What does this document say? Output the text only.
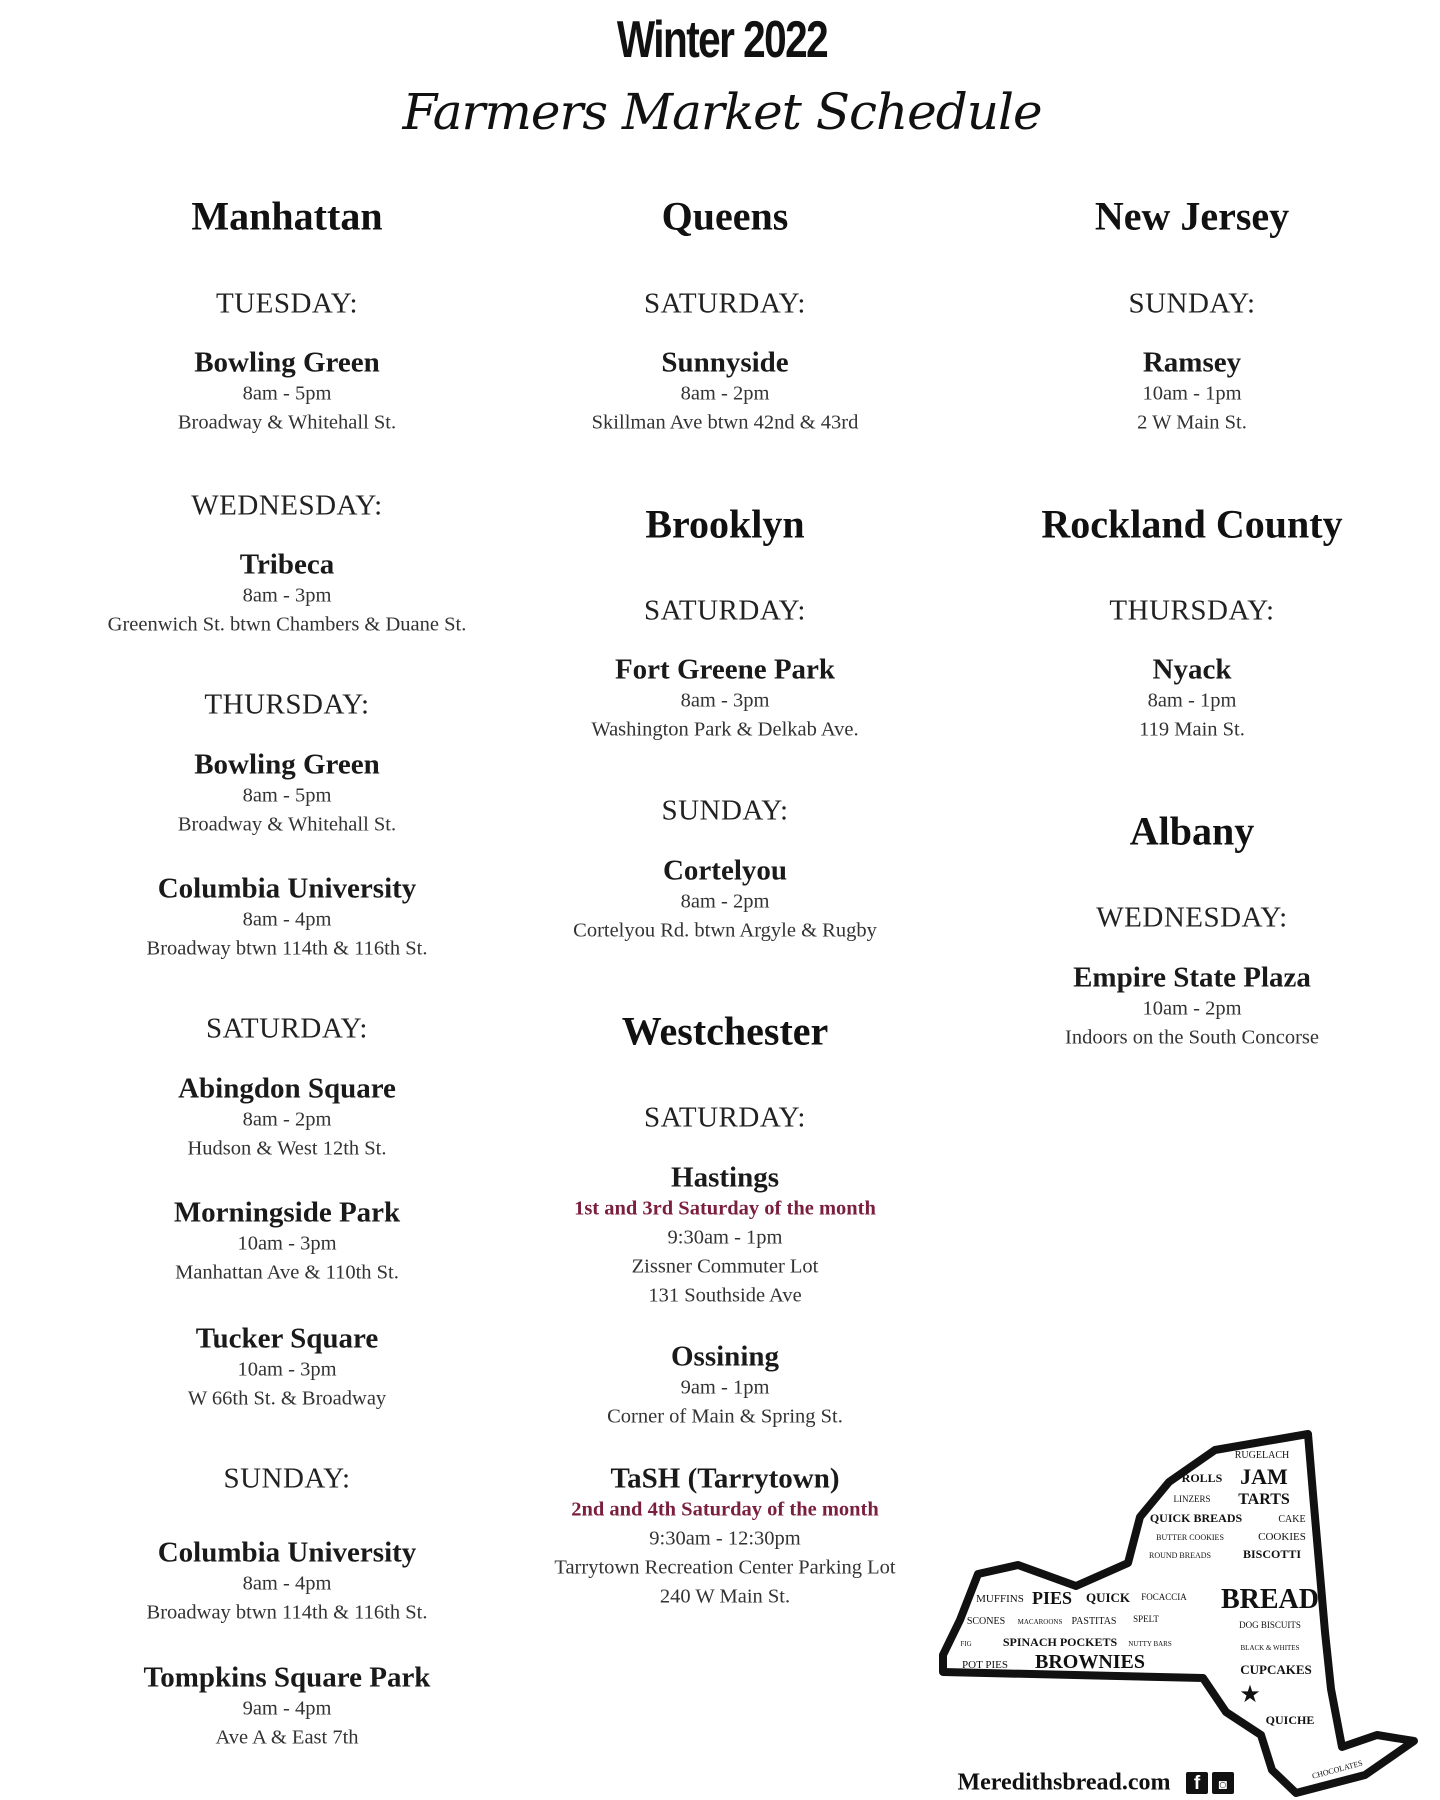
Winter 2022
Farmers Market Schedule
Manhattan
TUESDAY:
Bowling Green
8am - 5pm
Broadway & Whitehall St.
WEDNESDAY:
Tribeca
8am - 3pm
Greenwich St. btwn Chambers & Duane St.
THURSDAY:
Bowling Green
8am - 5pm
Broadway & Whitehall St.
Columbia University
8am - 4pm
Broadway btwn 114th & 116th St.
SATURDAY:
Abingdon Square
8am - 2pm
Hudson & West 12th St.
Morningside Park
10am - 3pm
Manhattan Ave & 110th St.
Tucker Square
10am - 3pm
W 66th St. & Broadway
SUNDAY:
Columbia University
8am - 4pm
Broadway btwn 114th & 116th St.
Tompkins Square Park
9am - 4pm
Ave A & East 7th
Queens
SATURDAY:
Sunnyside
8am - 2pm
Skillman Ave btwn 42nd & 43rd
Brooklyn
SATURDAY:
Fort Greene Park
8am - 3pm
Washington Park & Delkab Ave.
SUNDAY:
Cortelyou
8am - 2pm
Cortelyou Rd. btwn Argyle & Rugby
Westchester
SATURDAY:
Hastings
1st and 3rd Saturday of the month
9:30am - 1pm
Zissner Commuter Lot
131 Southside Ave
Ossining
9am - 1pm
Corner of Main & Spring St.
TaSH (Tarrytown)
2nd and 4th Saturday of the month
9:30am - 12:30pm
Tarrytown Recreation Center Parking Lot
240 W Main St.
New Jersey
SUNDAY:
Ramsey
10am - 1pm
2 W Main St.
Rockland County
THURSDAY:
Nyack
8am - 1pm
119 Main St.
Albany
WEDNESDAY:
Empire State Plaza
10am - 2pm
Indoors on the South Concorse
Meredithsbread.com
RUGELACH
ROLLS JAM
LINZERS TARTS
QUICK BREADS	CAKE
BUTTER COOKIES	COOKIES
ROUND BREADS	BISCOTTI
MUFFINS PIES QUICK FOCACCIA BREAD
SCONES MACAROONS PASTITAS SPELT
DOG BISCUITS
FIG	SPINACH POCKETS NUTTY BARS	BLACK & WHITES
POT PIES BROWNIES	CUPCAKES
QUICHE
CHOCOLATES
★
f	◙
